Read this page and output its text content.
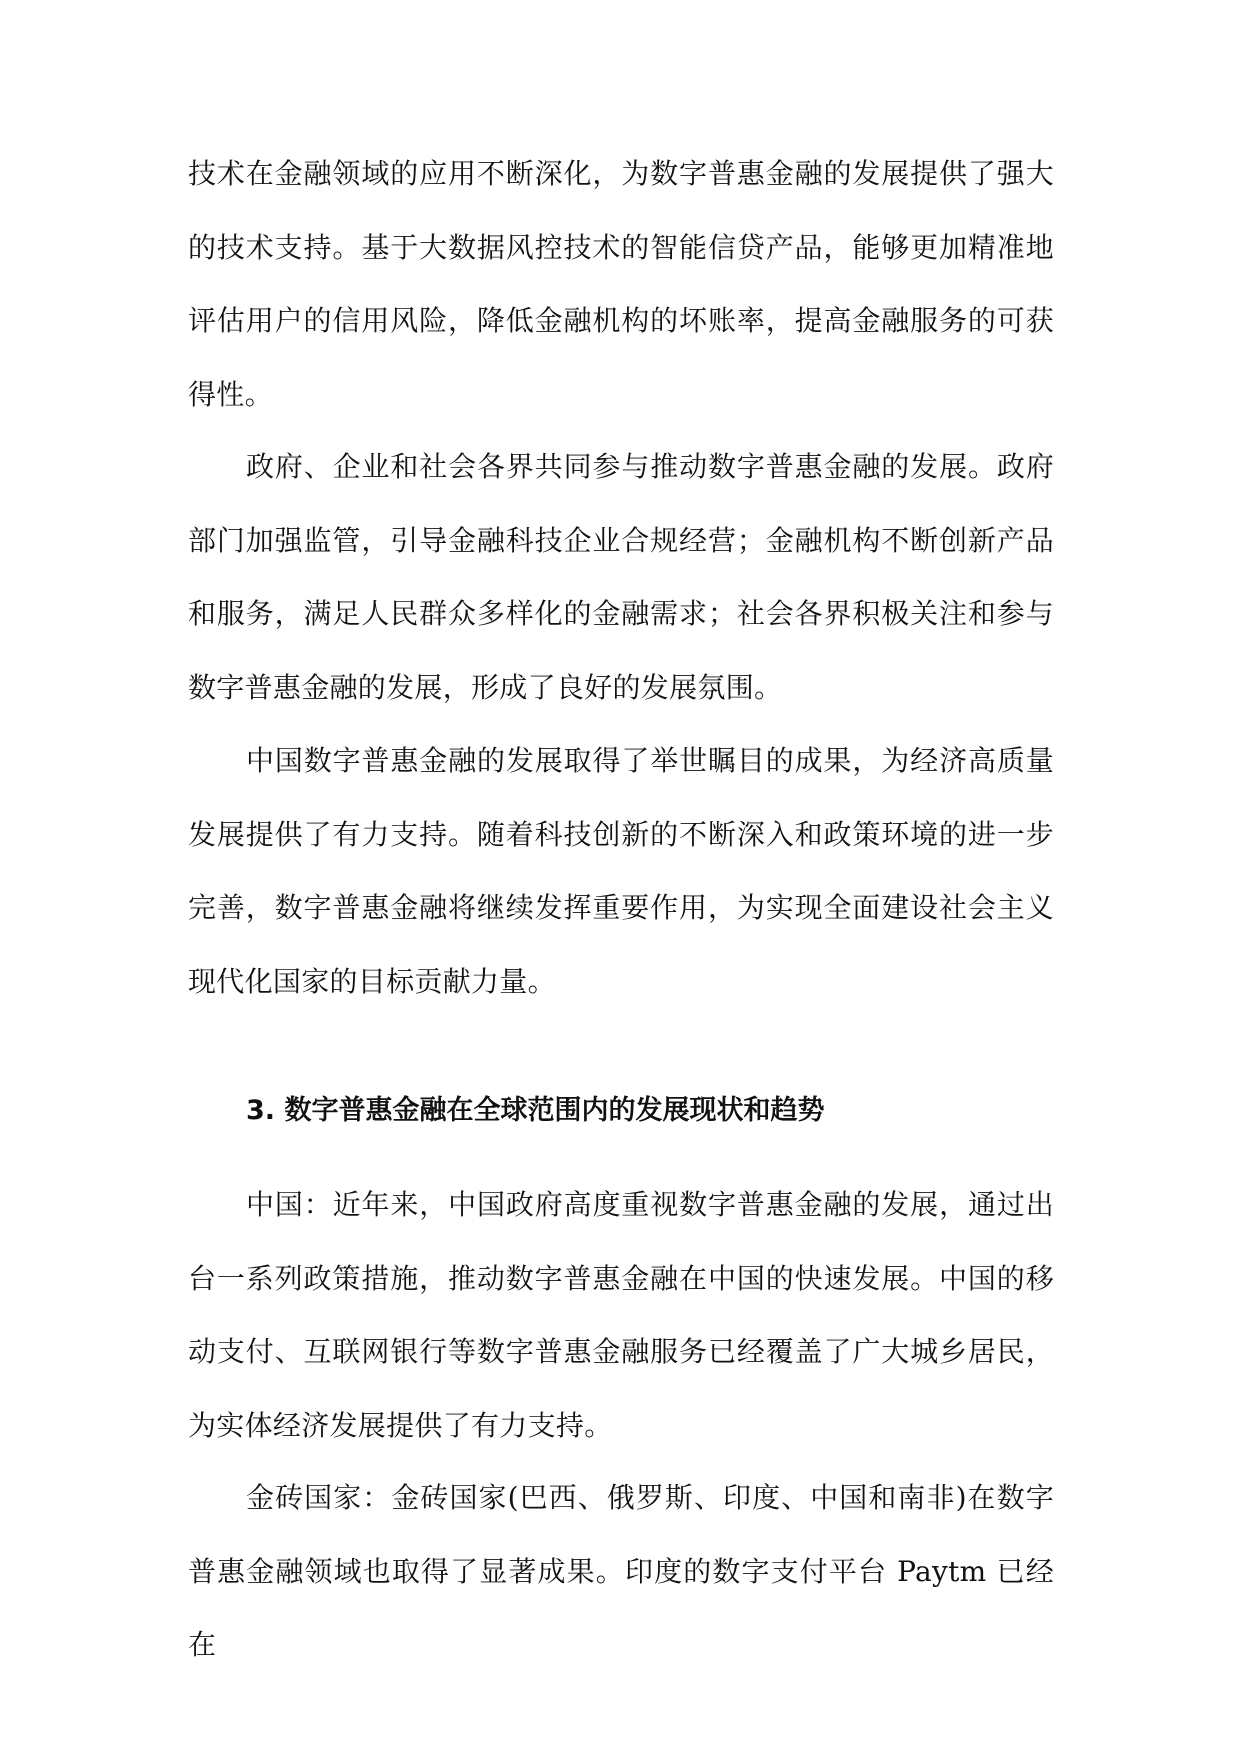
技术在金融领域的应用不断深化，为数字普惠金融的发展提供了强大的技术支持。基于大数据风控技术的智能信贷产品，能够更加精准地评估用户的信用风险，降低金融机构的坏账率，提高金融服务的可获得性。

政府、企业和社会各界共同参与推动数字普惠金融的发展。政府部门加强监管，引导金融科技企业合规经营；金融机构不断创新产品和服务，满足人民群众多样化的金融需求；社会各界积极关注和参与数字普惠金融的发展，形成了良好的发展氛围。

中国数字普惠金融的发展取得了举世瞩目的成果，为经济高质量发展提供了有力支持。随着科技创新的不断深入和政策环境的进一步完善，数字普惠金融将继续发挥重要作用，为实现全面建设社会主义现代化国家的目标贡献力量。

3. 数字普惠金融在全球范围内的发展现状和趋势

中国：近年来，中国政府高度重视数字普惠金融的发展，通过出台一系列政策措施，推动数字普惠金融在中国的快速发展。中国的移动支付、互联网银行等数字普惠金融服务已经覆盖了广大城乡居民，为实体经济发展提供了有力支持。

金砖国家：金砖国家(巴西、俄罗斯、印度、中国和南非)在数字普惠金融领域也取得了显著成果。印度的数字支付平台 Paytm 已经在
